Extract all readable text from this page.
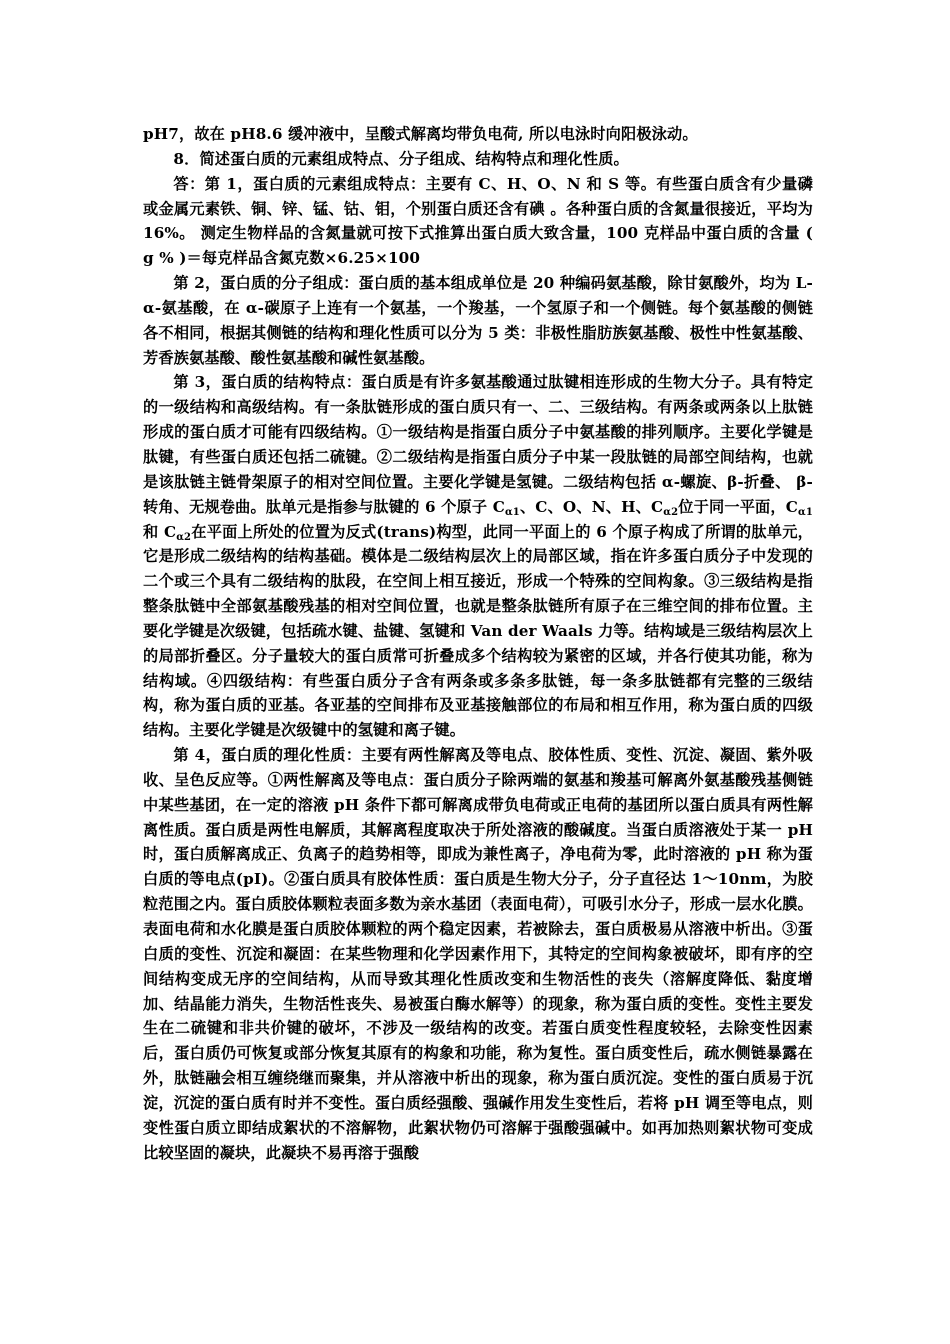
pH7，故在 pH8.6 缓冲液中，呈酸式解离均带负电荷, 所以电泳时向阳极泳动。

8．简述蛋白质的元素组成特点、分子组成、结构特点和理化性质。

答：第 1，蛋白质的元素组成特点：主要有 C、H、O、N 和 S 等。有些蛋白质含有少量磷或金属元素铁、铜、锌、锰、钴、钼，个别蛋白质还含有碘 。各种蛋白质的含氮量很接近，平均为 16%。 测定生物样品的含氮量就可按下式推算出蛋白质大致含量，100 克样品中蛋白质的含量 ( g % )＝每克样品含氮克数×6.25×100

第 2，蛋白质的分子组成：蛋白质的基本组成单位是 20 种编码氨基酸，除甘氨酸外，均为 L-α-氨基酸，在 α-碳原子上连有一个氨基，一个羧基，一个氢原子和一个侧链。每个氨基酸的侧链各不相同，根据其侧链的结构和理化性质可以分为 5 类：非极性脂肪族氨基酸、极性中性氨基酸、芳香族氨基酸、酸性氨基酸和碱性氨基酸。

第 3，蛋白质的结构特点：蛋白质是有许多氨基酸通过肽键相连形成的生物大分子。具有特定的一级结构和高级结构。有一条肽链形成的蛋白质只有一、二、三级结构。有两条或两条以上肽链形成的蛋白质才可能有四级结构。①一级结构是指蛋白质分子中氨基酸的排列顺序。主要化学键是肽键，有些蛋白质还包括二硫键。②二级结构是指蛋白质分子中某一段肽链的局部空间结构，也就是该肽链主链骨架原子的相对空间位置。主要化学键是氢键。二级结构包括 α-螺旋、β-折叠、 β-转角、无规卷曲。肽单元是指参与肽键的 6 个原子 $C_{\alpha 1}$、C、O、N、H、$C_{\alpha 2}$位于同一平面，$C_{\alpha 1}$和 $C_{\alpha 2}$在平面上所处的位置为反式(trans)构型，此同一平面上的 6 个原子构成了所谓的肽单元，它是形成二级结构的结构基础。模体是二级结构层次上的局部区域，指在许多蛋白质分子中发现的二个或三个具有二级结构的肽段，在空间上相互接近，形成一个特殊的空间构象。③三级结构是指整条肽链中全部氨基酸残基的相对空间位置，也就是整条肽链所有原子在三维空间的排布位置。主要化学键是次级键，包括疏水键、盐键、氢键和 Van der Waals 力等。结构域是三级结构层次上的局部折叠区。分子量较大的蛋白质常可折叠成多个结构较为紧密的区域，并各行使其功能，称为结构域。④四级结构：有些蛋白质分子含有两条或多条多肽链，每一条多肽链都有完整的三级结构，称为蛋白质的亚基。各亚基的空间排布及亚基接触部位的布局和相互作用，称为蛋白质的四级结构。主要化学键是次级键中的氢键和离子键。

第 4，蛋白质的理化性质：主要有两性解离及等电点、胶体性质、变性、沉淀、凝固、紫外吸收、呈色反应等。①两性解离及等电点：蛋白质分子除两端的氨基和羧基可解离外氨基酸残基侧链中某些基团，在一定的溶液 pH 条件下都可解离成带负电荷或正电荷的基团所以蛋白质具有两性解离性质。蛋白质是两性电解质，其解离程度取决于所处溶液的酸碱度。当蛋白质溶液处于某一 pH 时，蛋白质解离成正、负离子的趋势相等，即成为兼性离子，净电荷为零，此时溶液的 pH 称为蛋白质的等电点(pI)。②蛋白质具有胶体性质：蛋白质是生物大分子，分子直径达 1～10nm，为胶粒范围之内。蛋白质胶体颗粒表面多数为亲水基团（表面电荷），可吸引水分子，形成一层水化膜。表面电荷和水化膜是蛋白质胶体颗粒的两个稳定因素，若被除去，蛋白质极易从溶液中析出。③蛋白质的变性、沉淀和凝固：在某些物理和化学因素作用下，其特定的空间构象被破坏，即有序的空间结构变成无序的空间结构，从而导致其理化性质改变和生物活性的丧失（溶解度降低、黏度增加、结晶能力消失，生物活性丧失、易被蛋白酶水解等）的现象，称为蛋白质的变性。变性主要发生在二硫键和非共价键的破坏，不涉及一级结构的改变。若蛋白质变性程度较轻，去除变性因素后，蛋白质仍可恢复或部分恢复其原有的构象和功能，称为复性。蛋白质变性后，疏水侧链暴露在外，肽链融会相互缠绕继而聚集，并从溶液中析出的现象，称为蛋白质沉淀。变性的蛋白质易于沉淀，沉淀的蛋白质有时并不变性。蛋白质经强酸、强碱作用发生变性后，若将 pH 调至等电点，则变性蛋白质立即结成絮状的不溶解物，此絮状物仍可溶解于强酸强碱中。如再加热则絮状物可变成比较坚固的凝块，此凝块不易再溶于强酸
